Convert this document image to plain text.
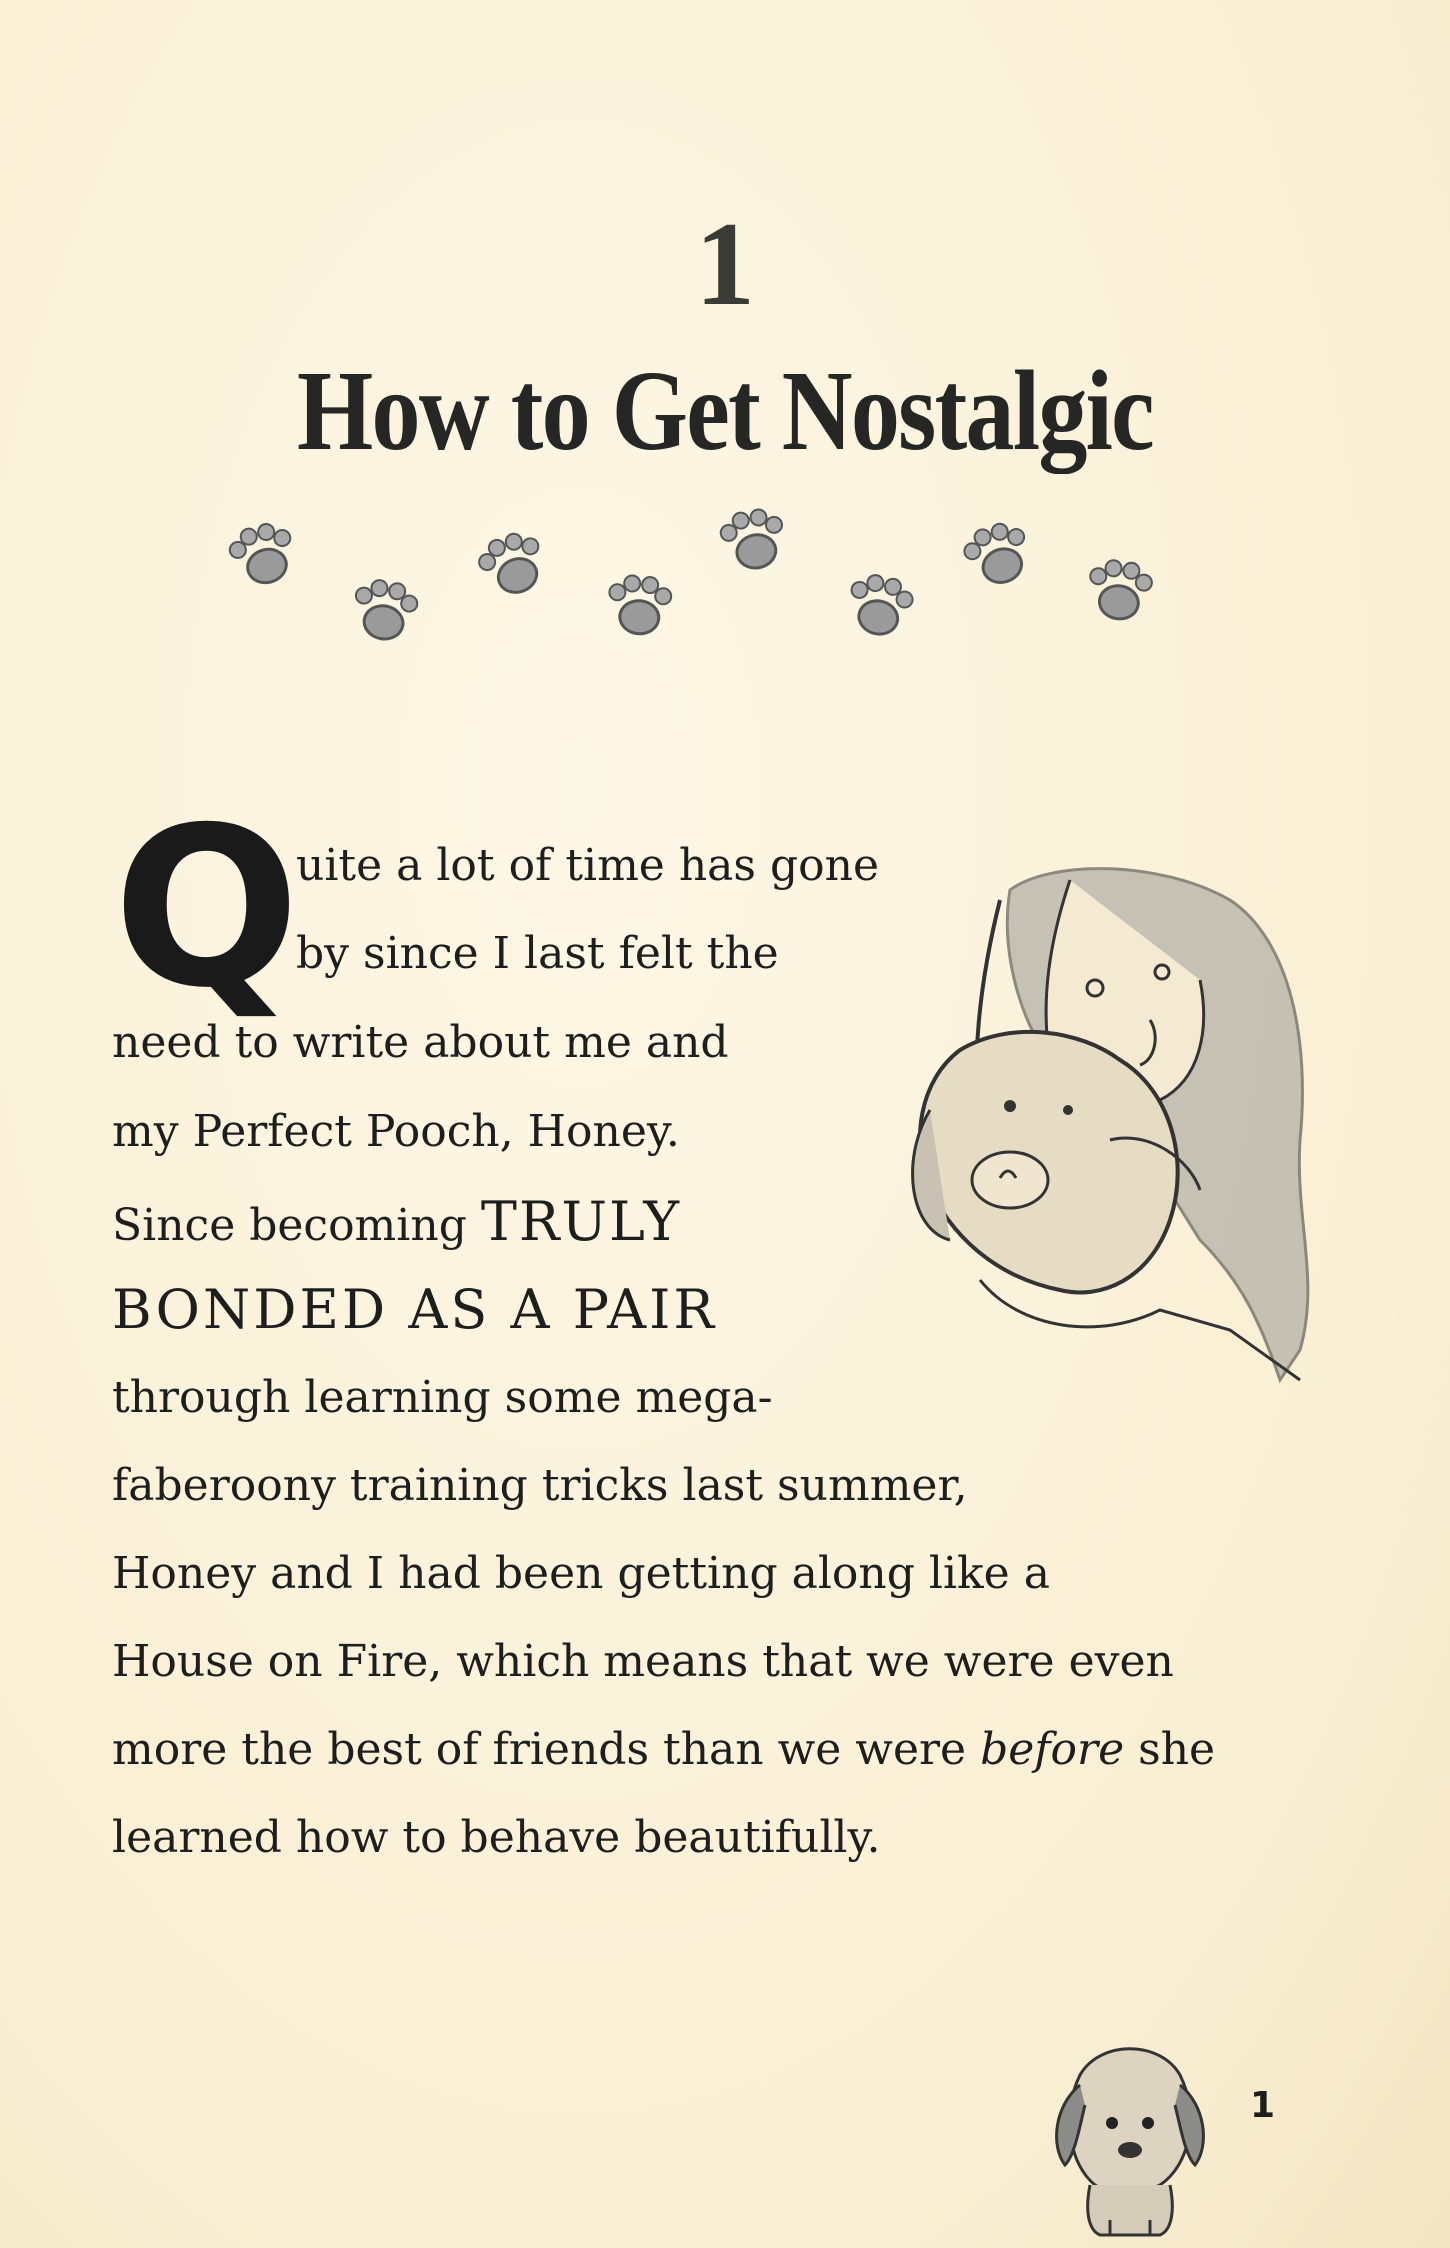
1
How to Get Nostalgic
Q
uite a lot of time has gone
by since I last felt the
need to write about me and
my Perfect Pooch, Honey.
Since becoming TRULY
BONDED AS A PAIR
through learning some mega-
faberoony training tricks last summer,
Honey and I had been getting along like a
House on Fire, which means that we were even
more the best of friends than we were before she
learned how to behave beautifully.
1
